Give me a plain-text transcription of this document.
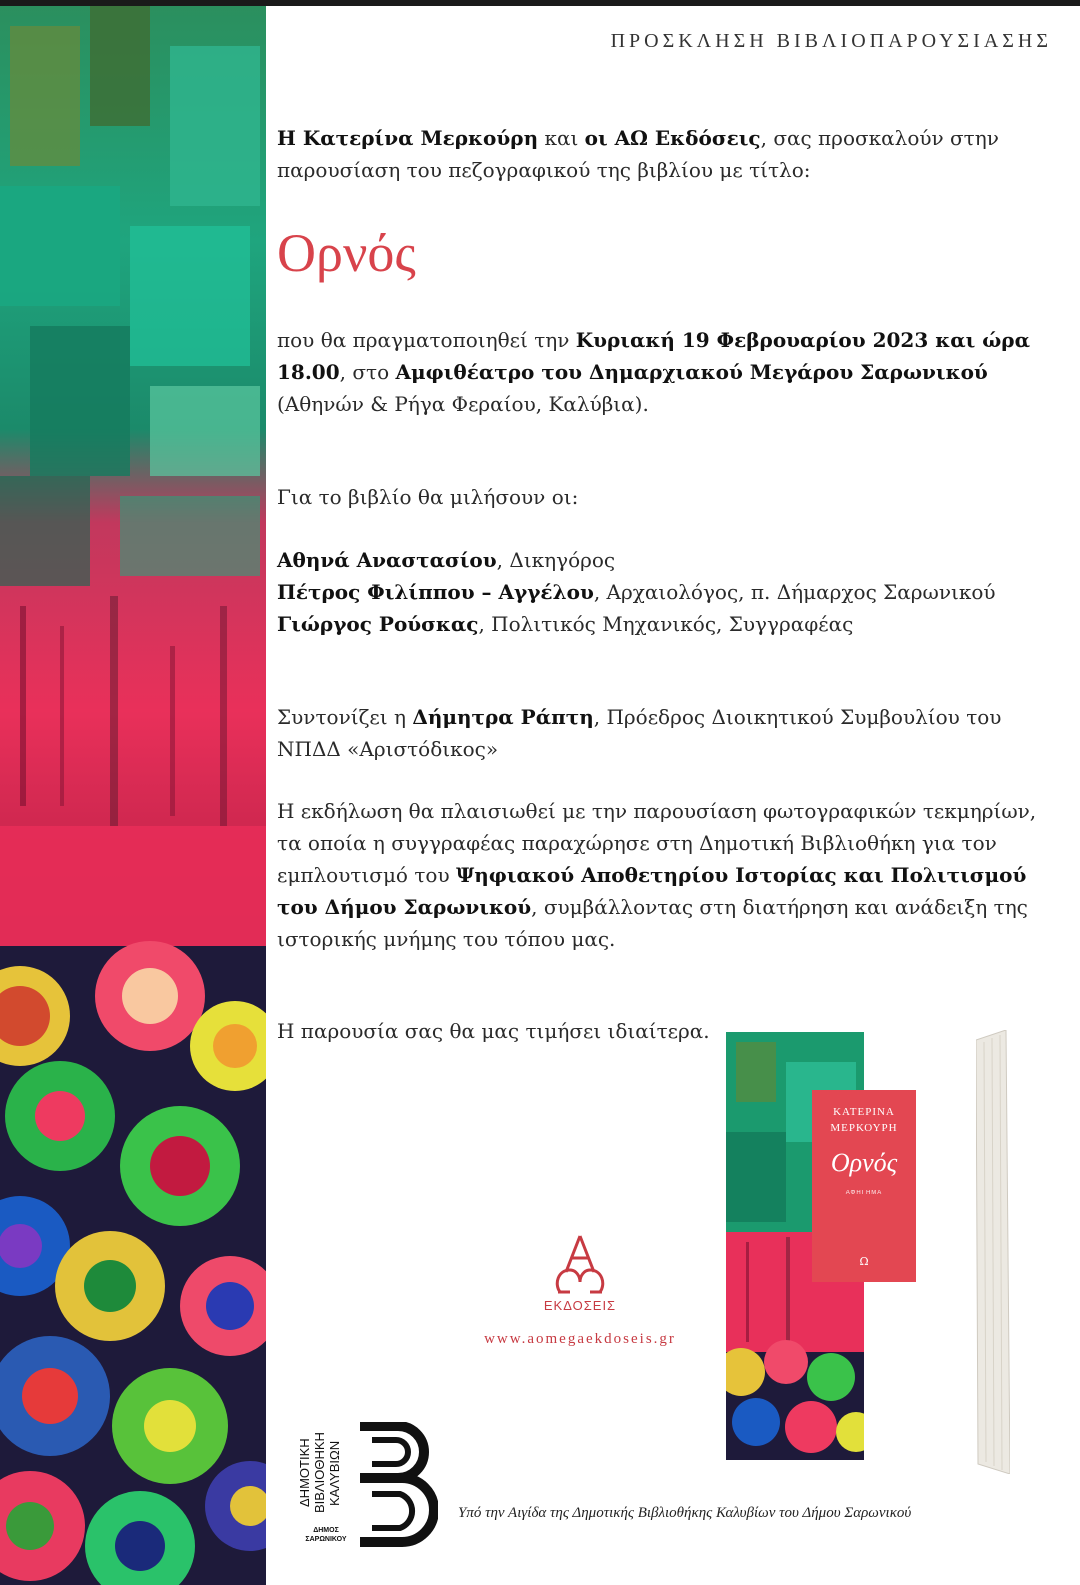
ΠΡΟΣΚΛΗΣΗ ΒΙΒΛΙΟΠΑΡΟΥΣΙΑΣΗΣ
Η Κατερίνα Μερκούρη και οι ΑΩ Εκδόσεις, σας προσκαλούν στην παρουσίαση του πεζογραφικού της βιβλίου με τίτλο:
Ορνός
που θα πραγματοποιηθεί την Κυριακή 19 Φεβρουαρίου 2023 και ώρα 18.00, στο Αμφιθέατρο του Δημαρχιακού Μεγάρου Σαρωνικού (Αθηνών & Ρήγα Φεραίου, Καλύβια).
Για το βιβλίο θα μιλήσουν οι:
Αθηνά Αναστασίου, Δικηγόρος
Πέτρος Φιλίππου – Αγγέλου, Αρχαιολόγος, π. Δήμαρχος Σαρωνικού
Γιώργος Ρούσκας, Πολιτικός Μηχανικός, Συγγραφέας
Συντονίζει η Δήμητρα Ράπτη, Πρόεδρος Διοικητικού Συμβουλίου του ΝΠΔΔ «Αριστόδικος»
Η εκδήλωση θα πλαισιωθεί με την παρουσίαση φωτογραφικών τεκμηρίων, τα οποία η συγγραφέας παραχώρησε στη Δημοτική Βιβλιοθήκη για τον εμπλουτισμό του Ψηφιακού Αποθετηρίου Ιστορίας και Πολιτισμού του Δήμου Σαρωνικού, συμβάλλοντας στη διατήρηση και ανάδειξη της ιστορικής μνήμης του τόπου μας.
Η παρουσία σας θα μας τιμήσει ιδιαίτερα.
ΕΚΔΟΣΕΙΣ
www.aomegaekdoseis.gr
ΚΑΤΕΡΙΝΑ ΜΕΡΚΟΥΡΗ
Ορνός
ΑΦΗΓΗΜΑ
Ω
ΔΗΜΟΤΙΚΗ ΒΙΒΛΙΟΘΗΚΗ ΚΑΛΥΒΙΩΝ
ΔΗΜΟΣ ΣΑΡΩΝΙΚΟΥ
Υπό την Αιγίδα της Δημοτικής Βιβλιοθήκης Καλυβίων του Δήμου Σαρωνικού
